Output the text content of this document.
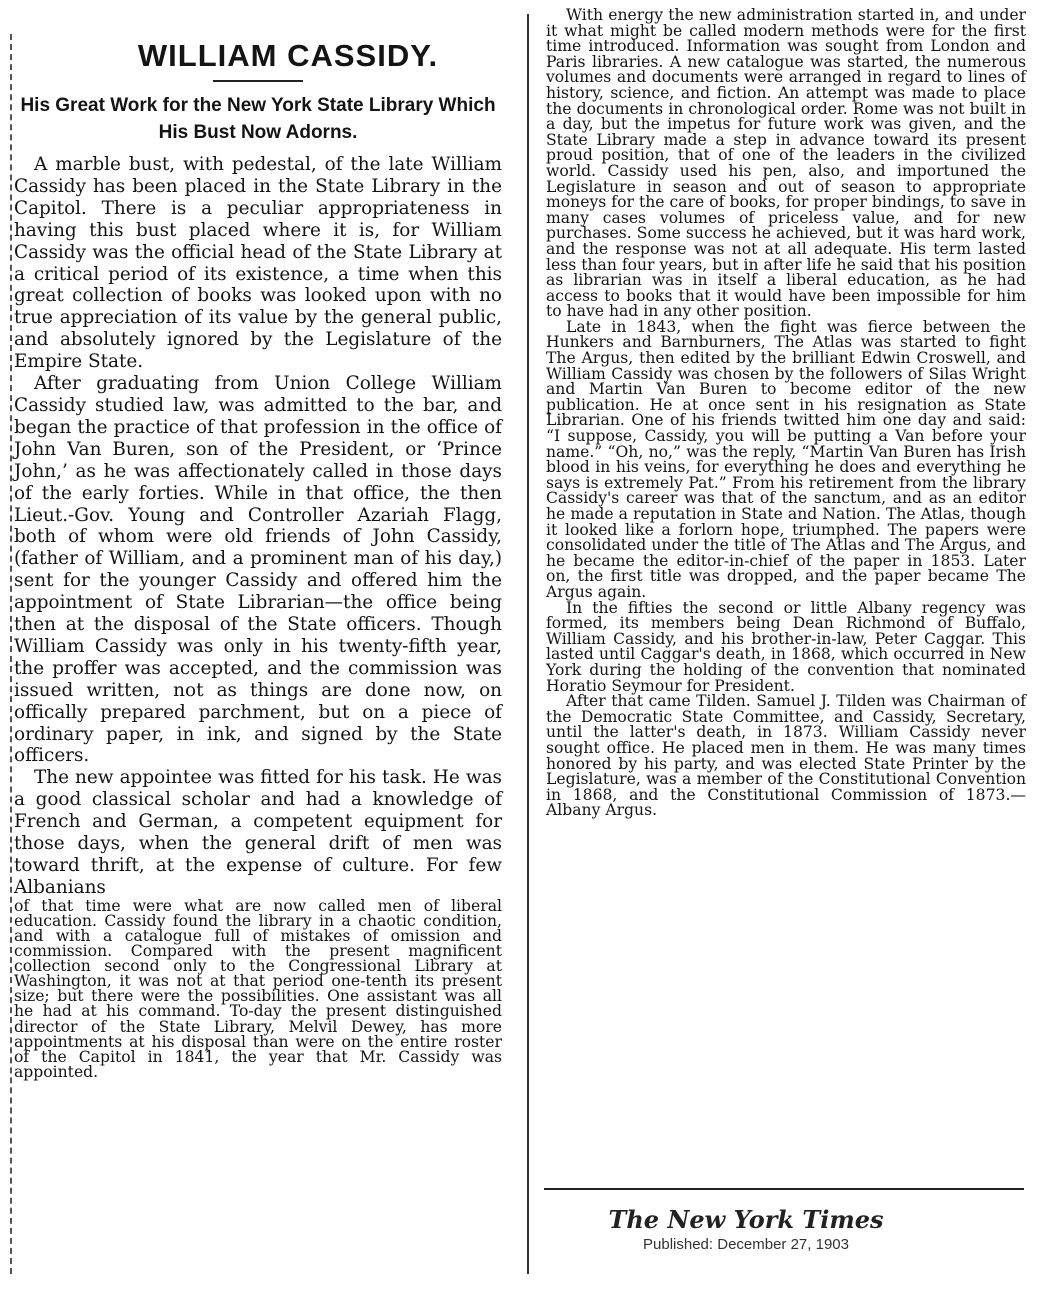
WILLIAM CASSIDY.
His Great Work for the New York State Library Which His Bust Now Adorns.

A marble bust, with pedestal, of the late William Cassidy has been placed in the State Library in the Capitol. There is a peculiar appropriateness in having this bust placed where it is, for William Cassidy was the official head of the State Library at a critical period of its existence, a time when this great collection of books was looked upon with no true appreciation of its value by the general public, and absolutely ignored by the Legislature of the Empire State.

After graduating from Union College William Cassidy studied law, was admitted to the bar, and began the practice of that profession in the office of John Van Buren, son of the President, or ‘Prince John,’ as he was affectionately called in those days of the early forties. While in that office, the then Lieut.-Gov. Young and Controller Azariah Flagg, both of whom were old friends of John Cassidy, (father of William, and a prominent man of his day,) sent for the younger Cassidy and offered him the appointment of State Librarian—the office being then at the disposal of the State officers. Though William Cassidy was only in his twenty-fifth year, the proffer was accepted, and the commission was issued written, not as things are done now, on offically prepared parchment, but on a piece of ordinary paper, in ink, and signed by the State officers.

The new appointee was fitted for his task. He was a good classical scholar and had a knowledge of French and German, a competent equipment for those days, when the general drift of men was toward thrift, at the expense of culture. For few Albanians

of that time were what are now called men of liberal education. Cassidy found the library in a chaotic condition, and with a catalogue full of mistakes of omission and commission. Compared with the present magnificent collection second only to the Congressional Library at Washington, it was not at that period one-tenth its present size; but there were the possibilities. One assistant was all he had at his command. To-day the present distinguished director of the State Library, Melvil Dewey, has more appointments at his disposal than were on the entire roster of the Capitol in 1841, the year that Mr. Cassidy was appointed.

With energy the new administration started in, and under it what might be called modern methods were for the first time introduced. Information was sought from London and Paris libraries. A new catalogue was started, the numerous volumes and documents were arranged in regard to lines of history, science, and fiction. An attempt was made to place the documents in chronological order. Rome was not built in a day, but the impetus for future work was given, and the State Library made a step in advance toward its present proud position, that of one of the leaders in the civilized world. Cassidy used his pen, also, and importuned the Legislature in season and out of season to appropriate moneys for the care of books, for proper bindings, to save in many cases volumes of priceless value, and for new purchases. Some success he achieved, but it was hard work, and the response was not at all adequate. His term lasted less than four years, but in after life he said that his position as librarian was in itself a liberal education, as he had access to books that it would have been impossible for him to have had in any other position.

Late in 1843, when the fight was fierce between the Hunkers and Barnburners, The Atlas was started to fight The Argus, then edited by the brilliant Edwin Croswell, and William Cassidy was chosen by the followers of Silas Wright and Martin Van Buren to become editor of the new publication. He at once sent in his resignation as State Librarian. One of his friends twitted him one day and said: “I suppose, Cassidy, you will be putting a Van before your name.” “Oh, no,” was the reply, “Martin Van Buren has Irish blood in his veins, for everything he does and everything he says is extremely Pat.” From his retirement from the library Cassidy's career was that of the sanctum, and as an editor he made a reputation in State and Nation. The Atlas, though it looked like a forlorn hope, triumphed. The papers were consolidated under the title of The Atlas and The Argus, and he became the editor-in-chief of the paper in 1853. Later on, the first title was dropped, and the paper became The Argus again.

In the fifties the second or little Albany regency was formed, its members being Dean Richmond of Buffalo, William Cassidy, and his brother-in-law, Peter Caggar. This lasted until Caggar's death, in 1868, which occurred in New York during the holding of the convention that nominated Horatio Seymour for President.

After that came Tilden. Samuel J. Tilden was Chairman of the Democratic State Committee, and Cassidy, Secretary, until the latter's death, in 1873. William Cassidy never sought office. He placed men in them. He was many times honored by his party, and was elected State Printer by the Legislature, was a member of the Constitutional Convention in 1868, and the Constitutional Commission of 1873.—Albany Argus.

The New York Times
Published: December 27, 1903
